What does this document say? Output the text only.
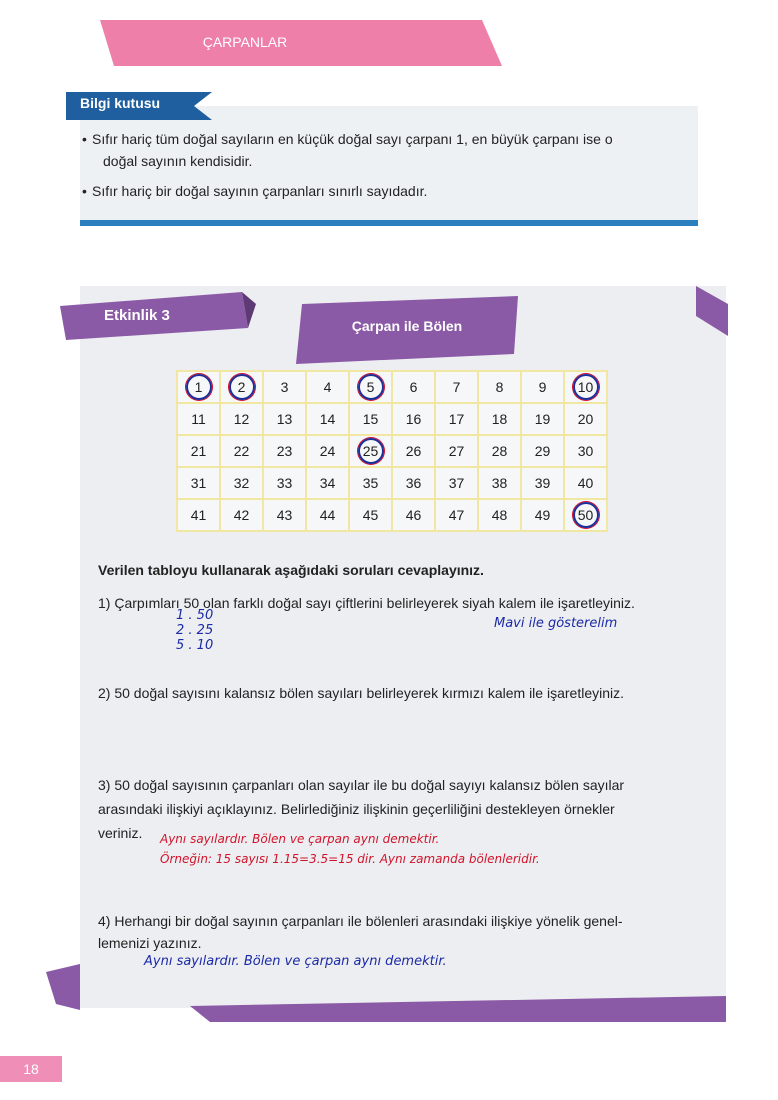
ÇARPANLAR
Bilgi kutusu
• Sıfır hariç tüm doğal sayıların en küçük doğal sayı çarpanı 1, en büyük çarpanı ise o
doğal sayının kendisidir.
• Sıfır hariç bir doğal sayının çarpanları sınırlı sayıdadır.
Etkinlik 3
Çarpan ile Bölen
1	2	3	4	5	6	7	8	9	10
11	12	13	14	15	16	17	18	19	20
21	22	23	24	25	26	27	28	29	30
31	32	33	34	35	36	37	38	39	40
41	42	43	44	45	46	47	48	49	50
Verilen tabloyu kullanarak aşağıdaki soruları cevaplayınız.
1) Çarpımları 50 olan farklı doğal sayı çiftlerini belirleyerek siyah kalem ile işaretleyiniz.
1 . 50
2 . 25
5 . 10
Mavi ile gösterelim
2) 50 doğal sayısını kalansız bölen sayıları belirleyerek kırmızı kalem ile işaretleyiniz.
3) 50 doğal sayısının çarpanları olan sayılar ile bu doğal sayıyı kalansız bölen sayılar
arasındaki ilişkiyi açıklayınız. Belirlediğiniz ilişkinin geçerliliğini destekleyen örnekler
veriniz.	Aynı sayılardır. Bölen ve çarpan aynı demektir.
Örneğin: 15 sayısı 1.15=3.5=15 dir. Aynı zamanda bölenleridir.
4) Herhangi bir doğal sayının çarpanları ile bölenleri arasındaki ilişkiye yönelik genel-
lemenizi yazınız.
Aynı sayılardır. Bölen ve çarpan aynı demektir.
18
